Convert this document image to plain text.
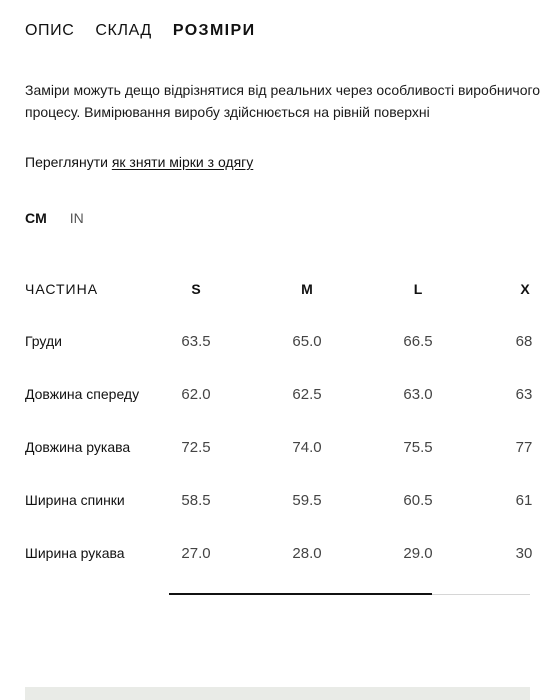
ОПИС СКЛАД РОЗМІРИ

Заміри можуть дещо відрізнятися від реальних через особливості виробничого процесу. Вимірювання виробу здійснюється на рівній поверхні

Переглянути як зняти мірки з одягу
CM IN
ЧАСТИНА	S	M	L	X
Груди	63.5	65.0	66.5	68
Довжина спереду	62.0	62.5	63.0	63
Довжина рукава	72.5	74.0	75.5	77
Ширина спинки	58.5	59.5	60.5	61
Ширина рукава	27.0	28.0	29.0	30
